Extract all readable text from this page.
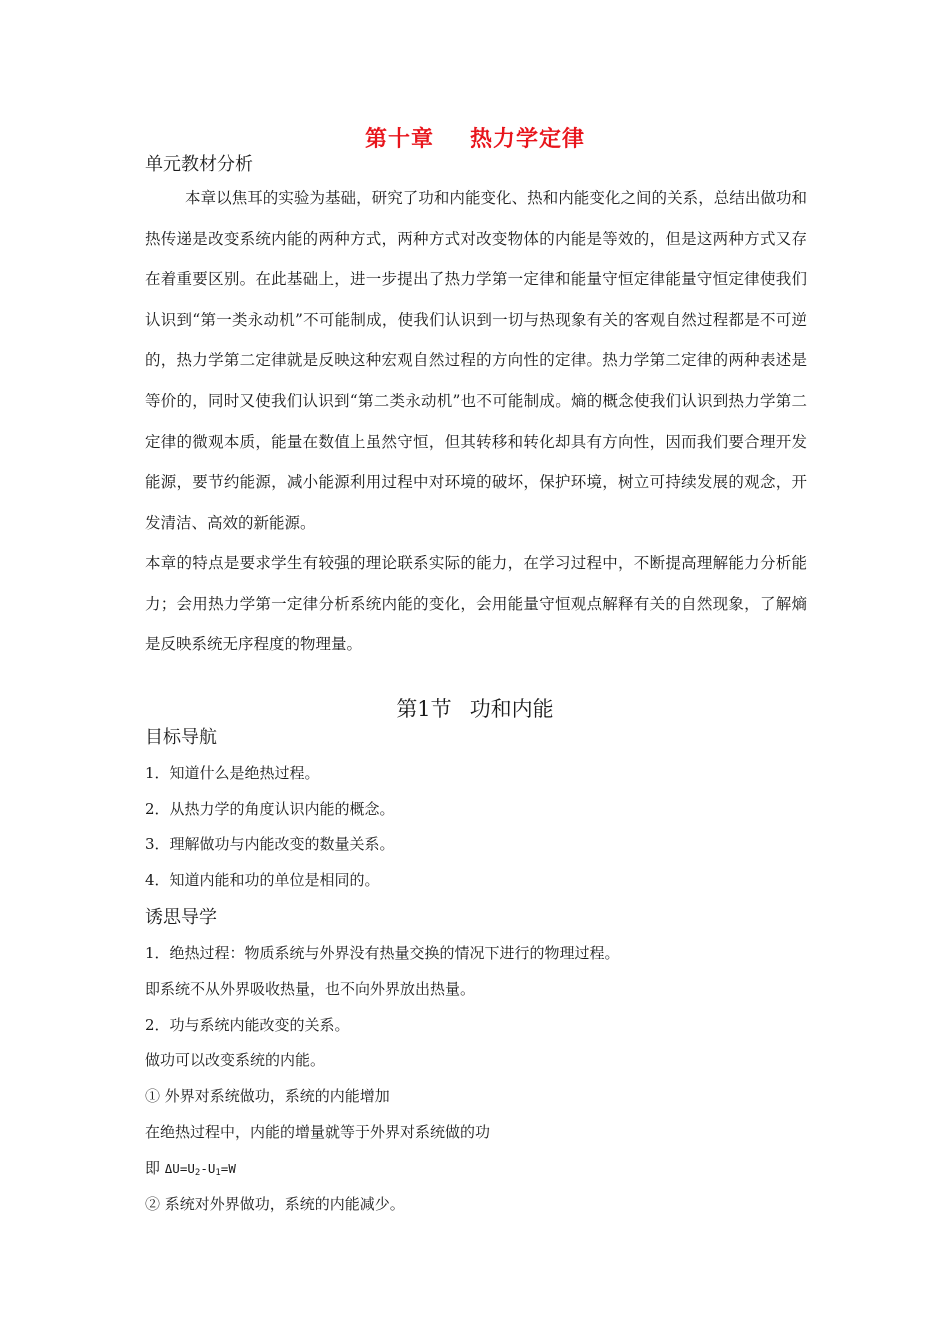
第十章 热力学定律
单元教材分析
本章以焦耳的实验为基础，研究了功和内能变化、热和内能变化之间的关系，总结出做功和热传递是改变系统内能的两种方式，两种方式对改变物体的内能是等效的，但是这两种方式又存在着重要区别。在此基础上，进一步提出了热力学第一定律和能量守恒定律能量守恒定律使我们认识到“第一类永动机”不可能制成，使我们认识到一切与热现象有关的客观自然过程都是不可逆的，热力学第二定律就是反映这种宏观自然过程的方向性的定律。热力学第二定律的两种表述是等价的，同时又使我们认识到“第二类永动机”也不可能制成。熵的概念使我们认识到热力学第二定律的微观本质，能量在数值上虽然守恒，但其转移和转化却具有方向性，因而我们要合理开发能源，要节约能源，减小能源利用过程中对环境的破坏，保护环境，树立可持续发展的观念，开发清洁、高效的新能源。
本章的特点是要求学生有较强的理论联系实际的能力，在学习过程中，不断提高理解能力分析能力；会用热力学第一定律分析系统内能的变化，会用能量守恒观点解释有关的自然现象，了解熵是反映系统无序程度的物理量。
第1节 功和内能
目标导航
1．知道什么是绝热过程。
2．从热力学的角度认识内能的概念。
3．理解做功与内能改变的数量关系。
4．知道内能和功的单位是相同的。
诱思导学
1．绝热过程：物质系统与外界没有热量交换的情况下进行的物理过程。
即系统不从外界吸收热量，也不向外界放出热量。
2．功与系统内能改变的关系。
做功可以改变系统的内能。
① 外界对系统做功，系统的内能增加
在绝热过程中，内能的增量就等于外界对系统做的功
即 $\Delta U=U_2-U_1=W$
② 系统对外界做功，系统的内能减少。
